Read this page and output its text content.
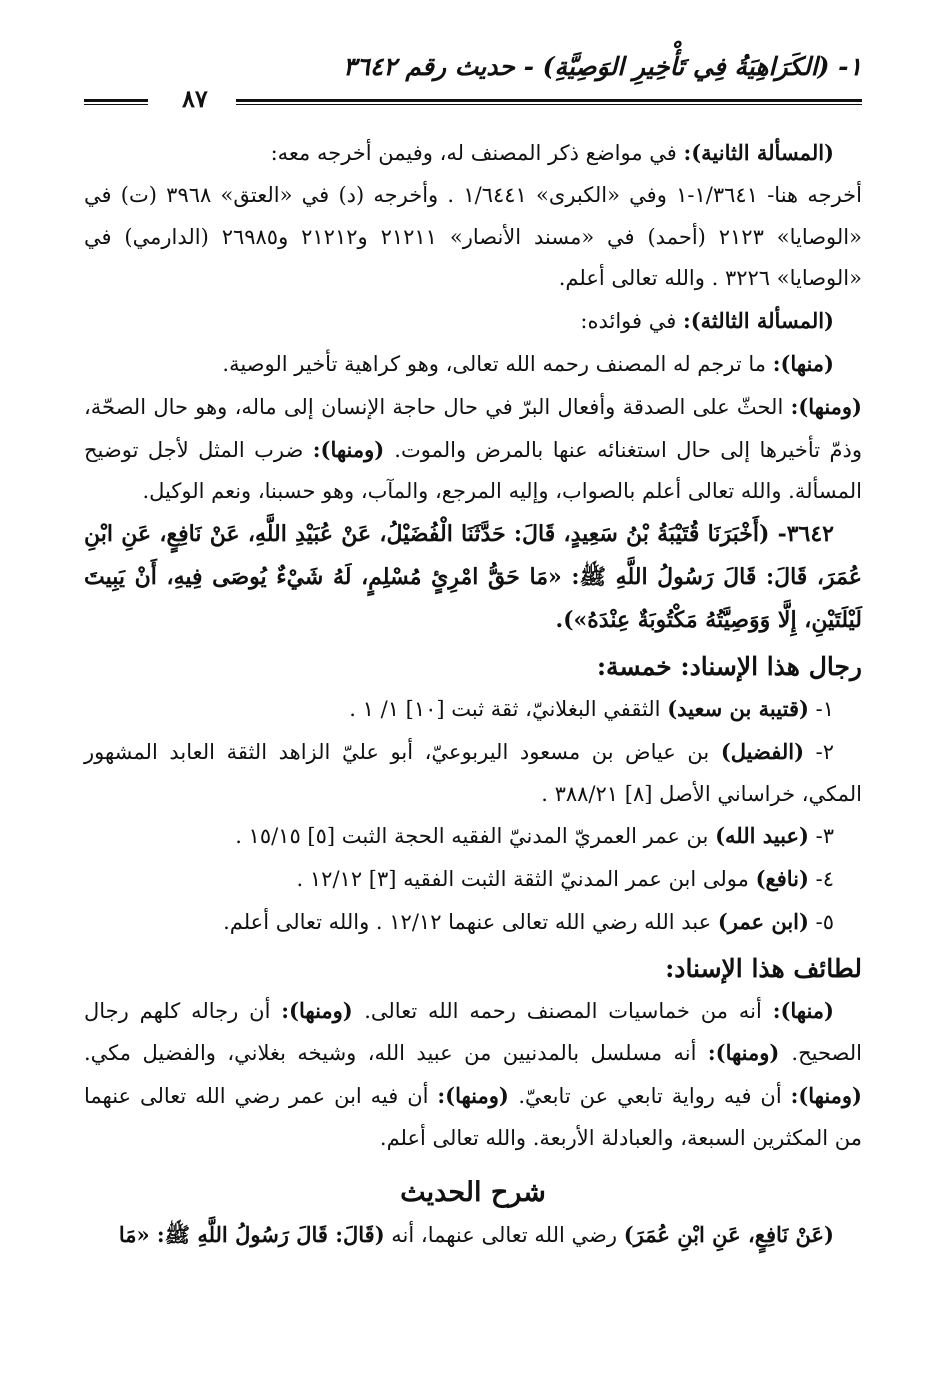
١- (الكَرَاهِيَةُ فِي تَأْخِيرِ الوَصِيَّةِ) - حديث رقم ٣٦٤٢
٨٧

(المسألة الثانية): في مواضع ذكر المصنف له، وفيمن أخرجه معه:

أخرجه هنا- ١/٣٦٤١-١ وفي «الكبرى» ١/٦٤٤١ . وأخرجه (د) في «العتق» ٣٩٦٨ (ت) في «الوصايا» ٢١٢٣ (أحمد) في «مسند الأنصار» ٢١٢١١ و٢١٢١٢ و٢٦٩٨٥ (الدارمي) في «الوصايا» ٣٢٢٦ . والله تعالى أعلم.

(المسألة الثالثة): في فوائده:

(منها): ما ترجم له المصنف رحمه الله تعالى، وهو كراهية تأخير الوصية.

(ومنها): الحثّ على الصدقة وأفعال البرّ في حال حاجة الإنسان إلى ماله، وهو حال الصحّة، وذمّ تأخيرها إلى حال استغنائه عنها بالمرض والموت. (ومنها): ضرب المثل لأجل توضيح المسألة. والله تعالى أعلم بالصواب، وإليه المرجع، والمآب، وهو حسبنا، ونعم الوكيل.

٣٦٤٢- (أَخْبَرَنَا قُتَيْبَةُ بْنُ سَعِيدٍ، قَالَ: حَدَّثَنَا الْفُضَيْلُ، عَنْ عُبَيْدِ اللَّهِ، عَنْ نَافِعٍ، عَنِ ابْنِ عُمَرَ، قَالَ: قَالَ رَسُولُ اللَّهِ ﷺ: «مَا حَقُّ امْرِئٍ مُسْلِمٍ، لَهُ شَيْءٌ يُوصَى فِيهِ، أَنْ يَبِيتَ لَيْلَتَيْنِ، إِلَّا وَوَصِيَّتُهُ مَكْتُوبَةٌ عِنْدَهُ»).

رجال هذا الإسناد: خمسة:

١- (قتيبة بن سعيد) الثقفي البغلانيّ، ثقة ثبت [١٠] ١/ ١ .

٢- (الفضيل) بن عياض بن مسعود اليربوعيّ، أبو عليّ الزاهد الثقة العابد المشهور المكي، خراساني الأصل [٨] ٣٨٨/٢١ .

٣- (عبيد الله) بن عمر العمريّ المدنيّ الفقيه الحجة الثبت [٥] ١٥/١٥ .

٤- (نافع) مولى ابن عمر المدنيّ الثقة الثبت الفقيه [٣] ١٢/١٢ .

٥- (ابن عمر) عبد الله رضي الله تعالى عنهما ١٢/١٢ . والله تعالى أعلم.

لطائف هذا الإسناد:

(منها): أنه من خماسيات المصنف رحمه الله تعالى. (ومنها): أن رجاله كلهم رجال الصحيح. (ومنها): أنه مسلسل بالمدنيين من عبيد الله، وشيخه بغلاني، والفضيل مكي. (ومنها): أن فيه رواية تابعي عن تابعيّ. (ومنها): أن فيه ابن عمر رضي الله تعالى عنهما من المكثرين السبعة، والعبادلة الأربعة. والله تعالى أعلم.

شرح الحديث

(عَنْ نَافِعٍ، عَنِ ابْنِ عُمَرَ) رضي الله تعالى عنهما، أنه (قَالَ: قَالَ رَسُولُ اللَّهِ ﷺ: «مَا
